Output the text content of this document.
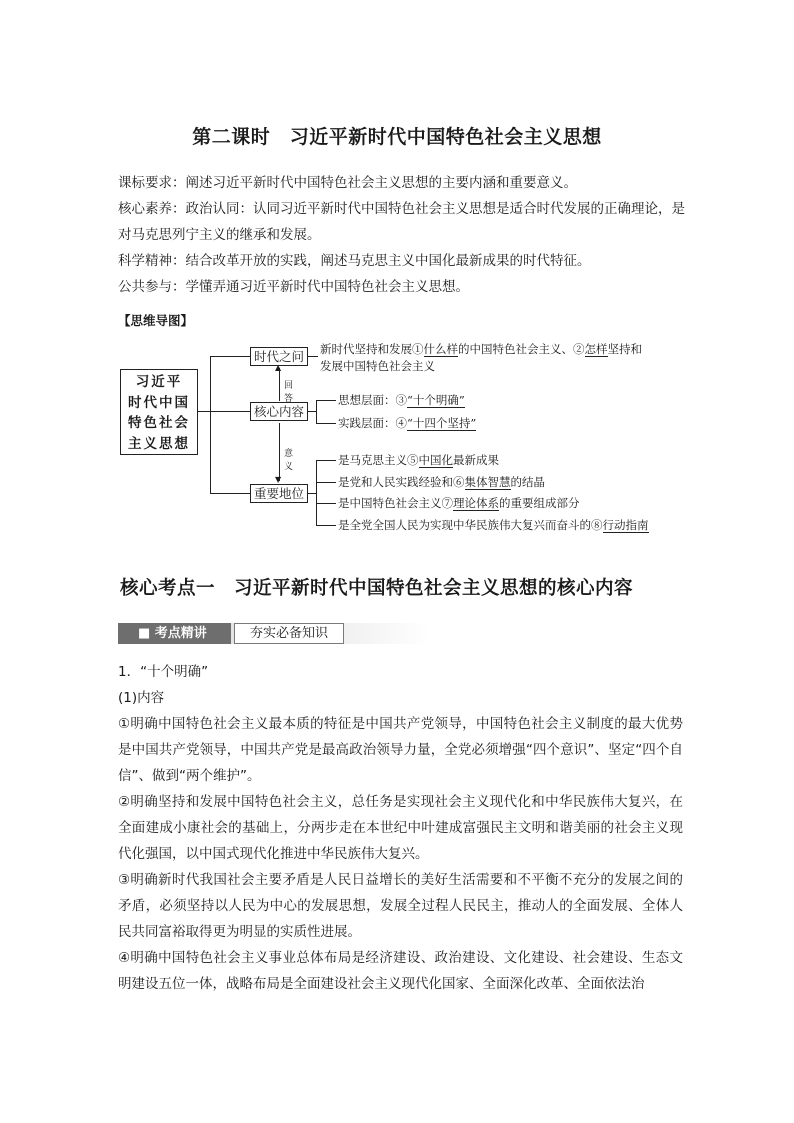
第二课时　习近平新时代中国特色社会主义思想

课标要求：阐述习近平新时代中国特色社会主义思想的主要内涵和重要意义。

核心素养：政治认同：认同习近平新时代中国特色社会主义思想是适合时代发展的正确理论，是对马克思列宁主义的继承和发展。

科学精神：结合改革开放的实践，阐述马克思主义中国化最新成果的时代特征。

公共参与：学懂弄通习近平新时代中国特色社会主义思想。

【思维导图】
习近平
时代中国
特色社会
主义思想
时代之问
核心内容
重要地位
▲
回答
▼
意义
新时代坚持和发展①什么样的中国特色社会主义、②怎样坚持和
发展中国特色社会主义
思想层面：③“十个明确”
实践层面：④“十四个坚持”
是马克思主义⑤中国化最新成果
是党和人民实践经验和⑥集体智慧的结晶
是中国特色社会主义⑦理论体系的重要组成部分
是全党全国人民为实现中华民族伟大复兴而奋斗的⑧行动指南
核心考点一　习近平新时代中国特色社会主义思想的核心内容
■ 考点精讲	夯实必备知识

1．“十个明确”

(1)内容

①明确中国特色社会主义最本质的特征是中国共产党领导，中国特色社会主义制度的最大优势是中国共产党领导，中国共产党是最高政治领导力量，全党必须增强“四个意识”、坚定“四个自信”、做到“两个维护”。

②明确坚持和发展中国特色社会主义，总任务是实现社会主义现代化和中华民族伟大复兴，在全面建成小康社会的基础上，分两步走在本世纪中叶建成富强民主文明和谐美丽的社会主义现代化强国，以中国式现代化推进中华民族伟大复兴。

③明确新时代我国社会主要矛盾是人民日益增长的美好生活需要和不平衡不充分的发展之间的矛盾，必须坚持以人民为中心的发展思想，发展全过程人民民主，推动人的全面发展、全体人民共同富裕取得更为明显的实质性进展。

④明确中国特色社会主义事业总体布局是经济建设、政治建设、文化建设、社会建设、生态文明建设五位一体，战略布局是全面建设社会主义现代化国家、全面深化改革、全面依法治
